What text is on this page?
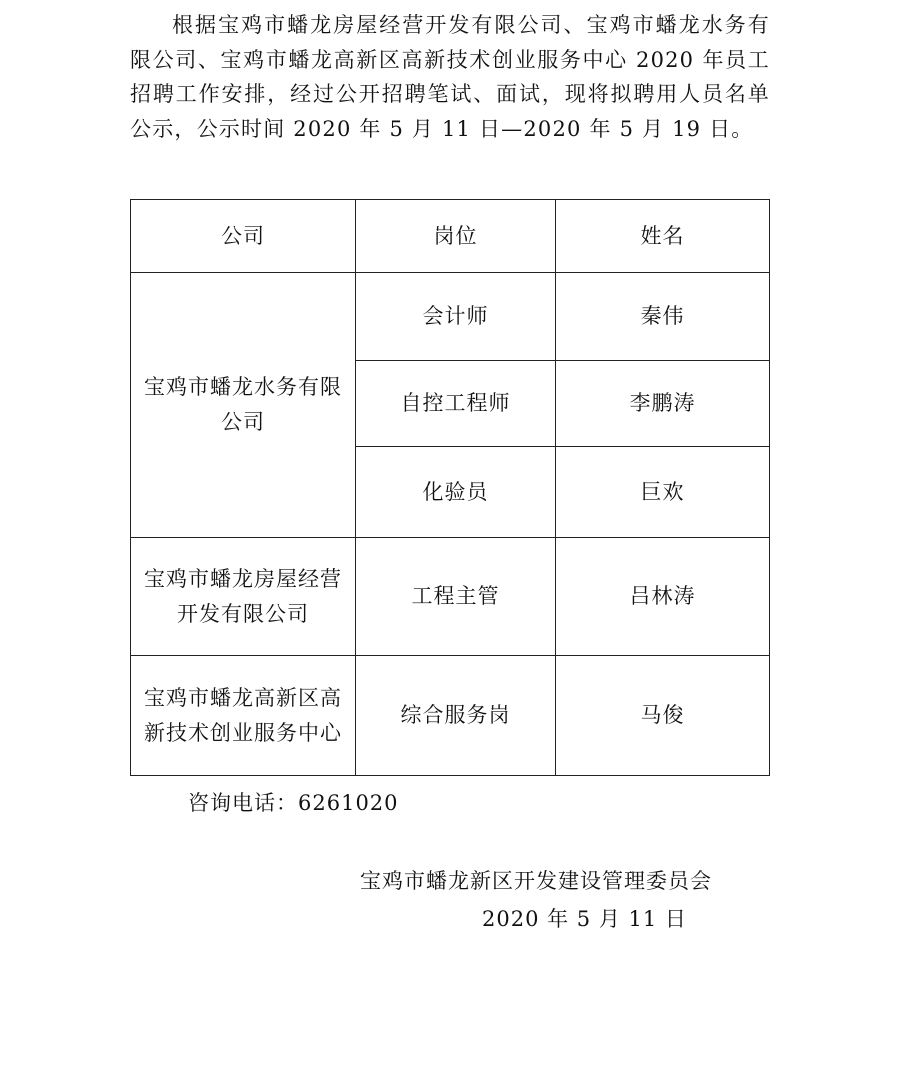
根据宝鸡市蟠龙房屋经营开发有限公司、宝鸡市蟠龙水务有限公司、宝鸡市蟠龙高新区高新技术创业服务中心 2020 年员工招聘工作安排，经过公开招聘笔试、面试，现将拟聘用人员名单公示，公示时间 2020 年 5 月 11 日—2020 年 5 月 19 日。

公司	岗位	姓名
宝鸡市蟠龙水务有限公司	会计师	秦伟
	自控工程师	李鹏涛
	化验员	巨欢
宝鸡市蟠龙房屋经营开发有限公司	工程主管	吕林涛
宝鸡市蟠龙高新区高新技术创业服务中心	综合服务岗	马俊

咨询电话：6261020

宝鸡市蟠龙新区开发建设管理委员会

2020 年 5 月 11 日
